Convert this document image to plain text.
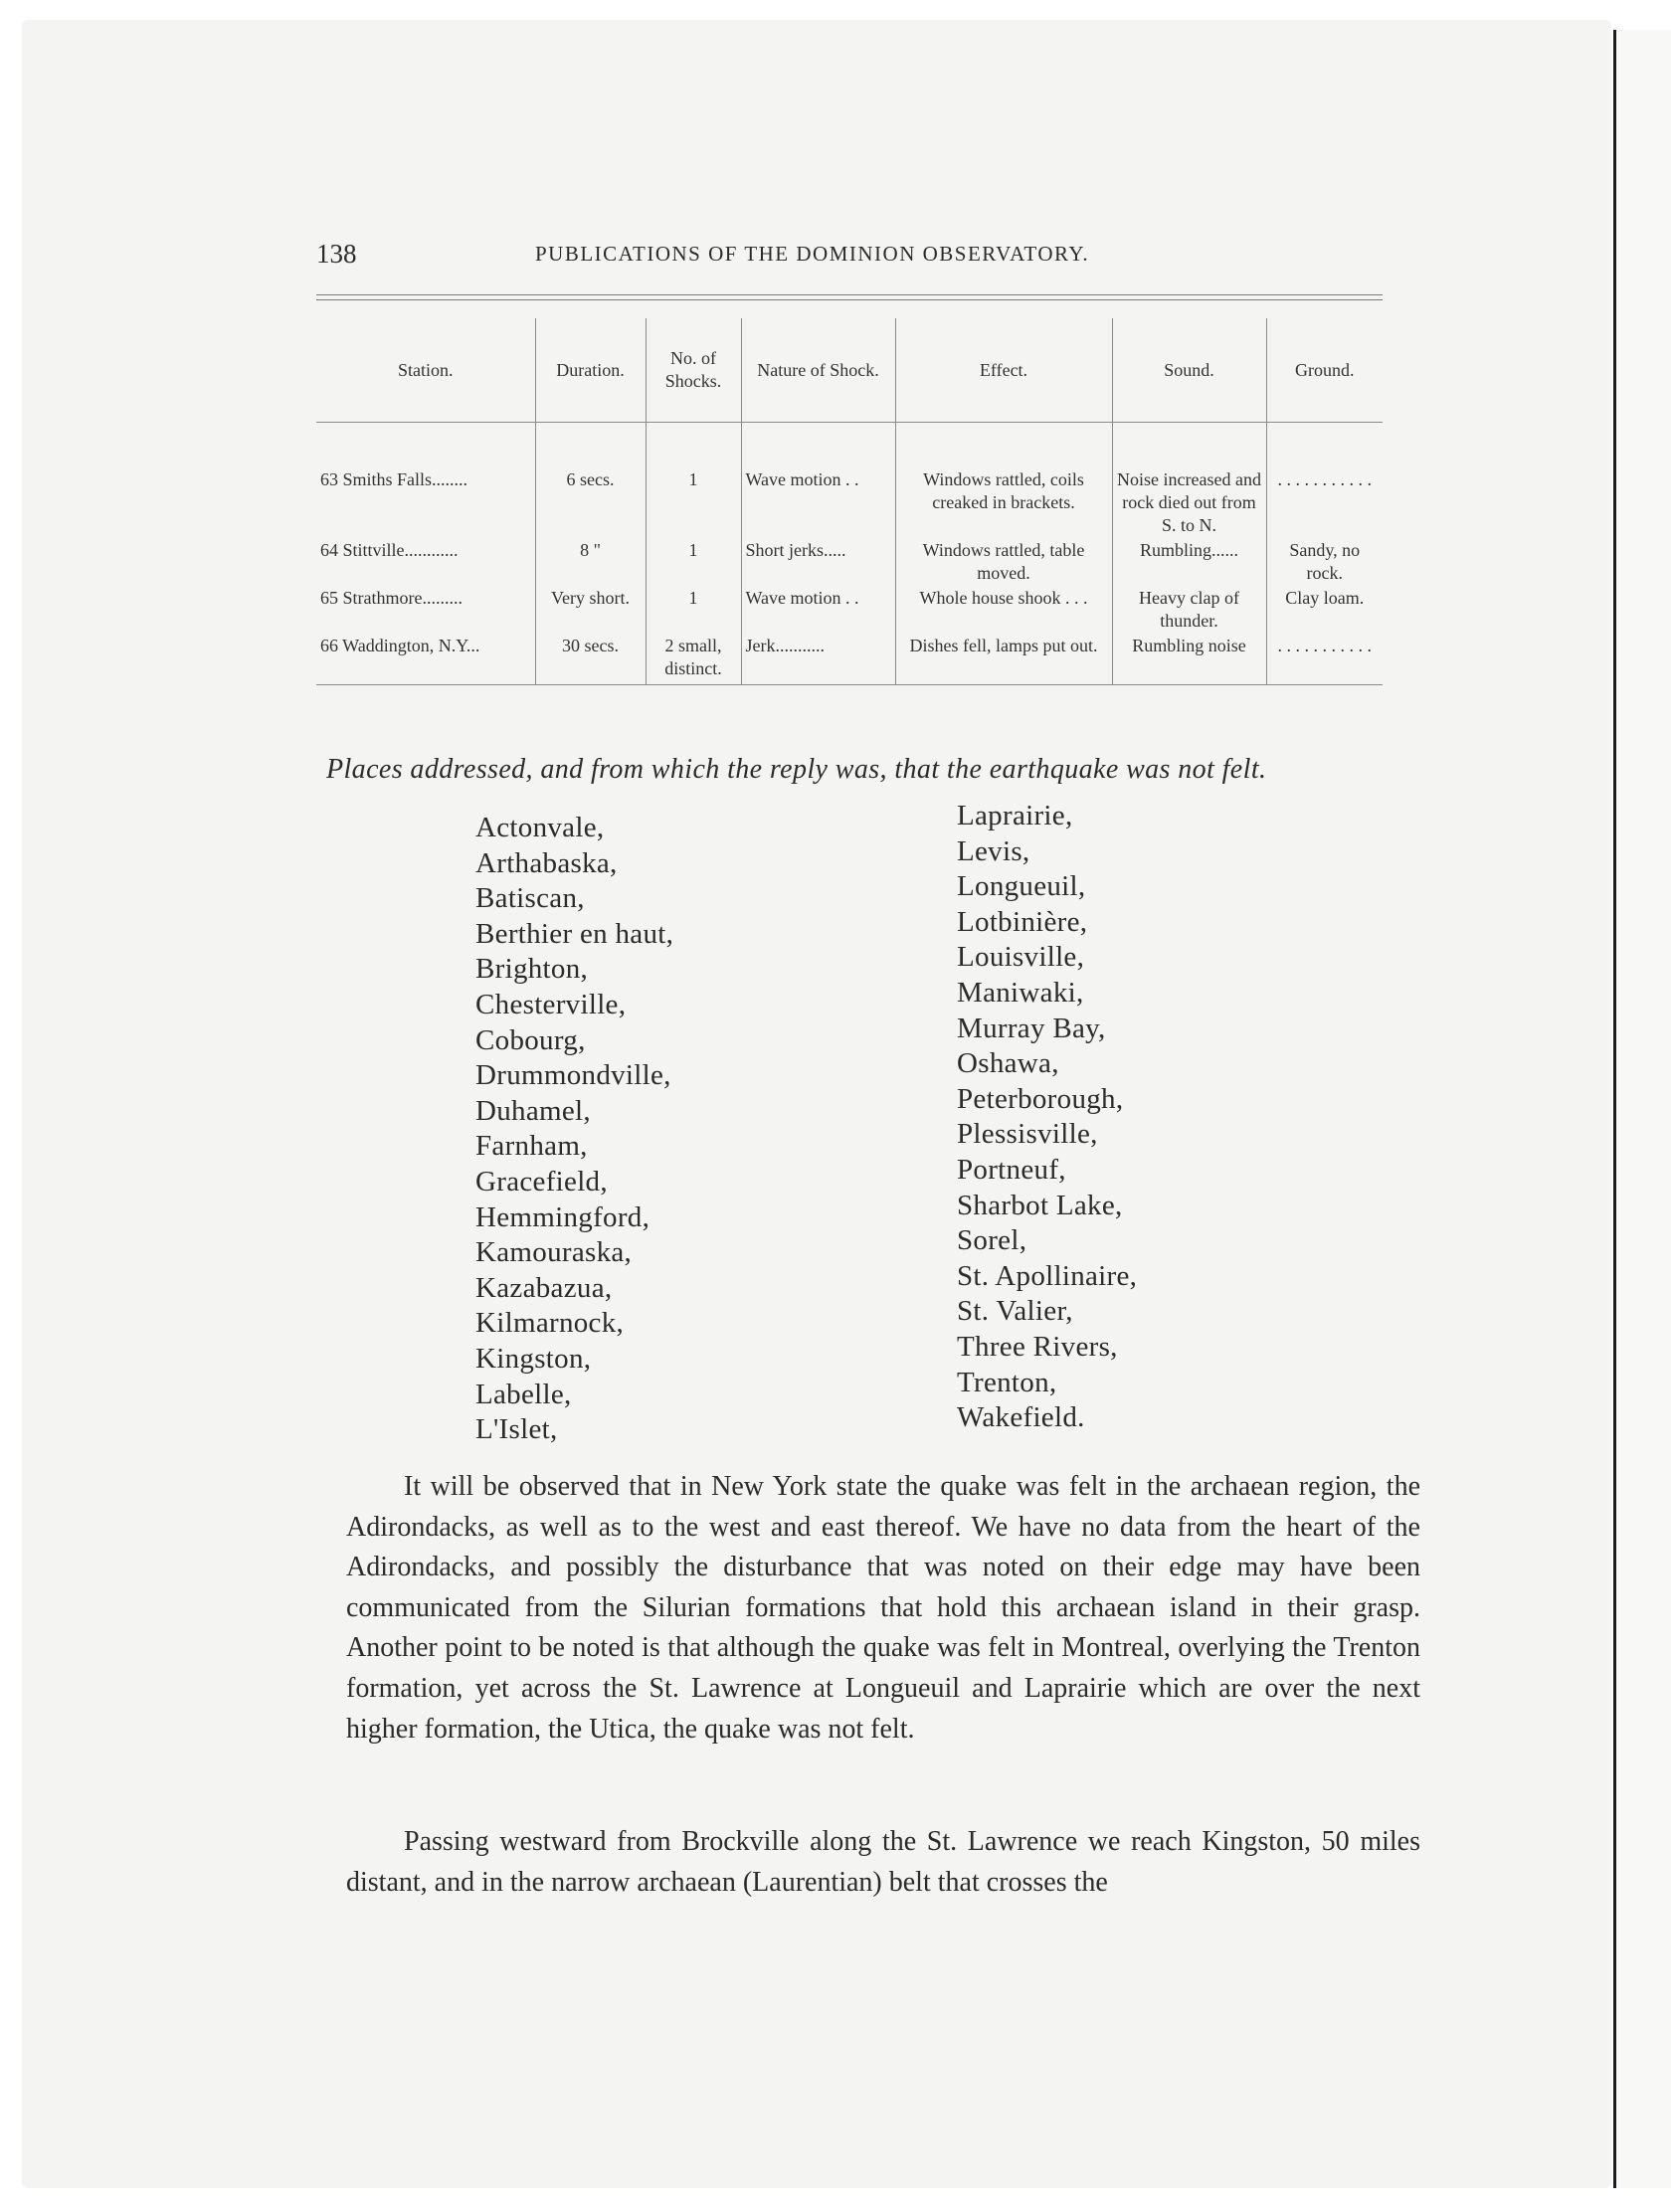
138	PUBLICATIONS OF THE DOMINION OBSERVATORY.
Station.	Duration.	No. of Shocks.	Nature of Shock.	Effect.	Sound.	Ground.
63 Smiths Falls........	6 secs.	1	Wave motion . .	Windows rattled, coils creaked in brackets.	Noise increased and rock died out from S. to N.	. . . . . . . . . . .
64 Stittville............	8 "	1	Short jerks.....	Windows rattled, table moved.	Rumbling......	Sandy, no rock.
65 Strathmore.........	Very short.	1	Wave motion . .	Whole house shook . . .	Heavy clap of thunder.	Clay loam.
66 Waddington, N.Y...	30 secs.	2 small, distinct.	Jerk...........	Dishes fell, lamps put out.	Rumbling noise	. . . . . . . . . . .
Places addressed, and from which the reply was, that the earthquake was not felt.
Actonvale,
Arthabaska,
Batiscan,
Berthier en haut,
Brighton,
Chesterville,
Cobourg,
Drummondville,
Duhamel,
Farnham,
Gracefield,
Hemmingford,
Kamouraska,
Kazabazua,
Kilmarnock,
Kingston,
Labelle,
L'Islet,
Laprairie,
Levis,
Longueuil,
Lotbinière,
Louisville,
Maniwaki,
Murray Bay,
Oshawa,
Peterborough,
Plessisville,
Portneuf,
Sharbot Lake,
Sorel,
St. Apollinaire,
St. Valier,
Three Rivers,
Trenton,
Wakefield.

It will be observed that in New York state the quake was felt in the archaean region, the Adirondacks, as well as to the west and east thereof. We have no data from the heart of the Adirondacks, and possibly the disturbance that was noted on their edge may have been communicated from the Silurian formations that hold this archaean island in their grasp. Another point to be noted is that although the quake was felt in Montreal, overlying the Trenton formation, yet across the St. Lawrence at Longueuil and Laprairie which are over the next higher formation, the Utica, the quake was not felt.

Passing westward from Brockville along the St. Lawrence we reach Kingston, 50 miles distant, and in the narrow archaean (Laurentian) belt that crosses the
